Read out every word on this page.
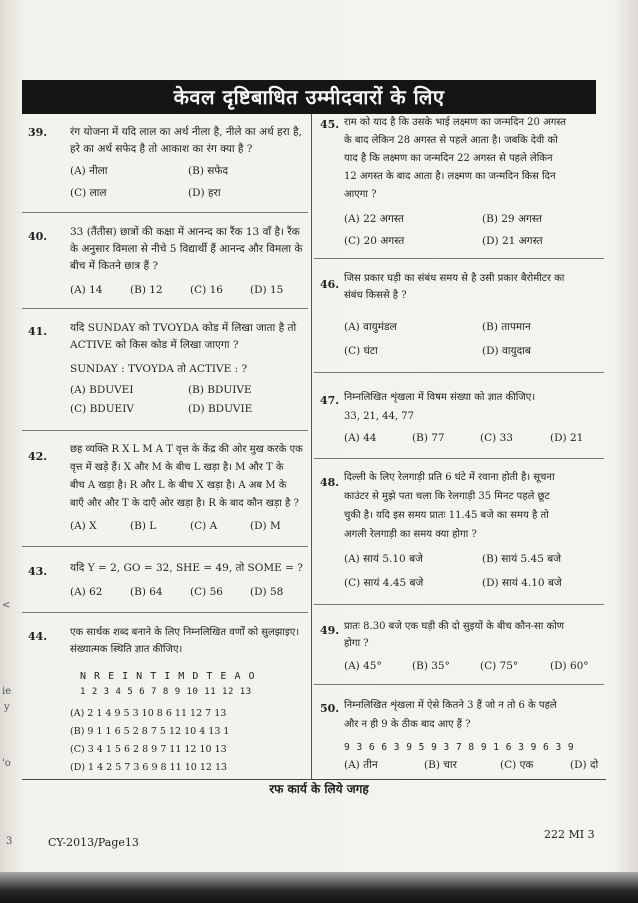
केवल दृष्टिबाधित उम्मीदवारों के लिए
39. रंग योजना में यदि लाल का अर्थ नीला है, नीले का अर्थ हरा है,
हरे का अर्थ सफेद है तो आकाश का रंग क्या है ?
(A) नीला	(B) सफेद
(C) लाल	(D) हरा
40. 33 (तैंतीस) छात्रों की कक्षा में आनन्द का रैंक 13 वाँ है। रैंक
के अनुसार विमला से नीचे 5 विद्यार्थी हैं आनन्द और विमला के
बीच में कितने छात्र हैं ?
(A) 14	(B) 12	(C) 16	(D) 15
41. यदि SUNDAY को TVOYDA कोड में लिखा जाता है तो
ACTIVE को किस कोड में लिखा जाएगा ?
SUNDAY : TVOYDA तो ACTIVE : ?
(A) BDUVEI	(B) BDUIVE
(C) BDUEIV	(D) BDUVIE
42.
छह व्यक्ति R X L M A T वृत्त के केंद्र की ओर मुख करके एक
वृत्त में खड़े हैं। X और M के बीच L खड़ा है। M और T के
बीच A खड़ा है। R और L के बीच X खड़ा है। A अब M के
बाएँ और और T के दाएँ ओर खड़ा है। R के बाद कौन खड़ा है ?
(A) X	(B) L	(C) A	(D) M
43. यदि Y = 2, GO = 32, SHE = 49, तो SOME = ?
(A) 62	(B) 64	(C) 56	(D) 58
44. एक सार्थक शब्द बनाने के लिए निम्नलिखित वर्णों को सुलझाइए।
संख्यात्मक स्थिति ज्ञात कीजिए।
N R E I N T I M D T E A O
1 2 3 4 5 6 7 8 9 10 11 12 13
(A) 2 1 4 9 5 3 10 8 6 11 12 7 13
(B) 9 1 1 6 5 2 8 7 5 12 10 4 13 1
(C) 3 4 1 5 6 2 8 9 7 11 12 10 13
(D) 1 4 2 5 7 3 6 9 8 11 10 12 13
45. राम को याद है कि उसके भाई लक्ष्मण का जन्मदिन 20 अगस्त
के बाद लेकिन 28 अगस्त से पहले आता है। जबकि देवी को
याद है कि लक्ष्मण का जन्मदिन 22 अगस्त से पहले लेकिन
12 अगस्त के बाद आता है। लक्ष्मण का जन्मदिन किस दिन
आएगा ?
(A) 22 अगस्त	(B) 29 अगस्त
(C) 20 अगस्त	(D) 21 अगस्त
46. जिस प्रकार घड़ी का संबंध समय से है उसी प्रकार बैरोमीटर का
संबंध किससे है ?
(A) वायुमंडल	(B) तापमान
(C) घंटा	(D) वायुदाब
47. निम्नलिखित शृंखला में विषम संख्या को ज्ञात कीजिए।
33, 21, 44, 77
(A) 44	(B) 77	(C) 33	(D) 21
48. दिल्ली के लिए रेलगाड़ी प्रति 6 घंटे में रवाना होती है। सूचना
काउंटर से मुझे पता चला कि रेलगाड़ी 35 मिनट पहले छूट
चुकी है। यदि इस समय प्रातः 11.45 बजे का समय है तो
अगली रेलगाड़ी का समय क्या होगा ?
(A) सायं 5.10 बजे	(B) सायं 5.45 बजे
(C) सायं 4.45 बजे	(D) सायं 4.10 बजे
49. प्रातः 8.30 बजे एक घड़ी की दो सुइयों के बीच कौन-सा कोण
होगा ?
(A) 45°	(B) 35°	(C) 75°	(D) 60°
50. निम्नलिखित शृंखला में ऐसे कितने 3 हैं जो न तो 6 के पहले
और न ही 9 के ठीक बाद आए हैं ?
9 3 6 6 3 9 5 9 3 7 8 9 1 6 3 9 6 3 9
(A) तीन	(B) चार	(C) एक	(D) दो
रफ कार्य के लिये जगह
CY-2013/Page13
222 MI 3
ie
y
'o
3
<
